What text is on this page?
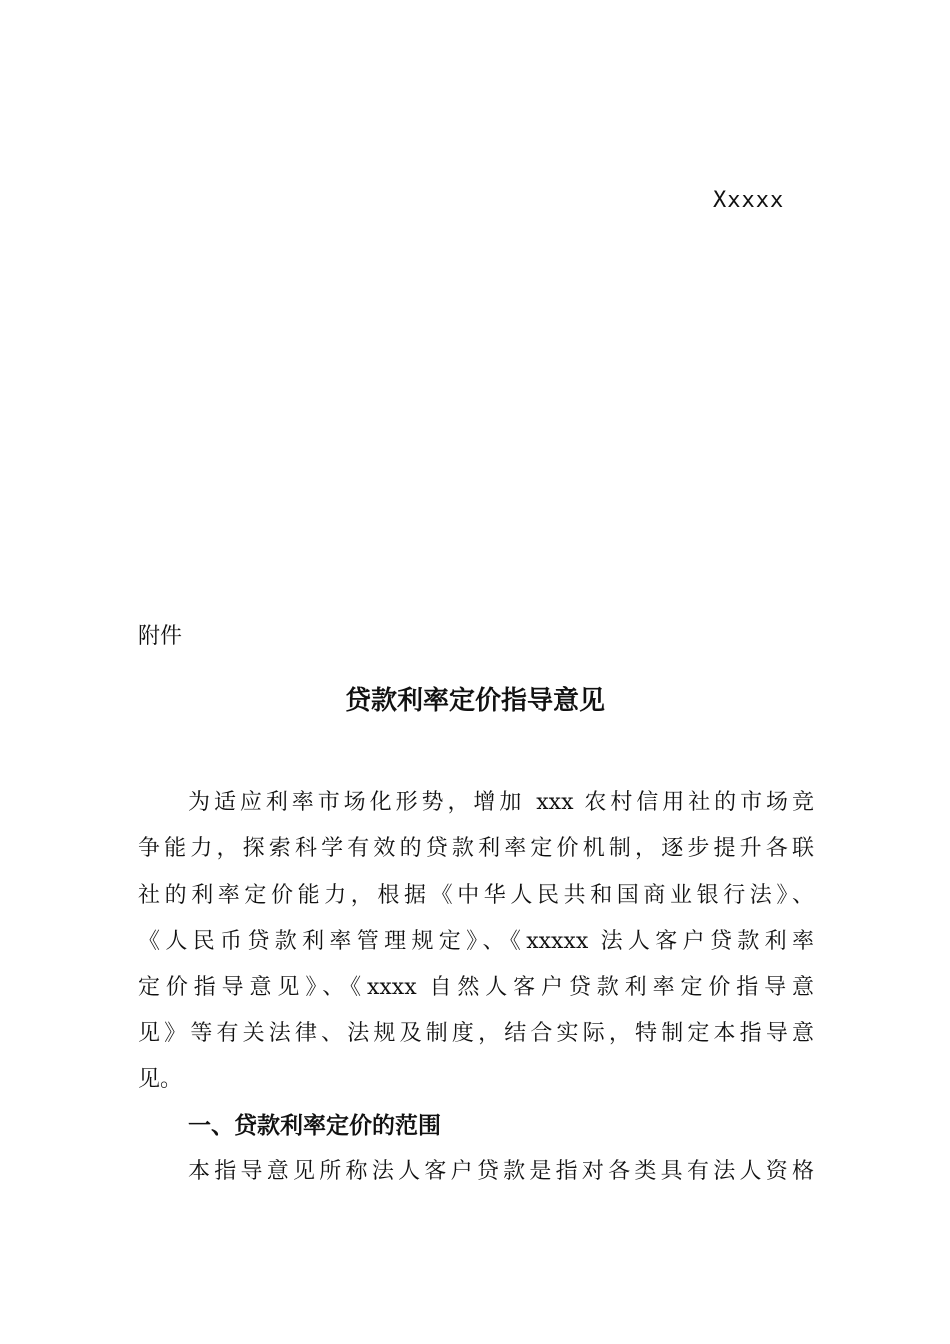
Xxxxx
附件
贷款利率定价指导意见
为适应利率市场化形势，增加 xxx 农村信用社的市场竞
争能力，探索科学有效的贷款利率定价机制，逐步提升各联
社的利率定价能力，根据《中华人民共和国商业银行法》、
《人民币贷款利率管理规定》、《xxxxx 法人客户贷款利率
定价指导意见》、《xxxx 自然人客户贷款利率定价指导意
见》等有关法律、法规及制度，结合实际，特制定本指导意
见。
一、贷款利率定价的范围
本指导意见所称法人客户贷款是指对各类具有法人资格
